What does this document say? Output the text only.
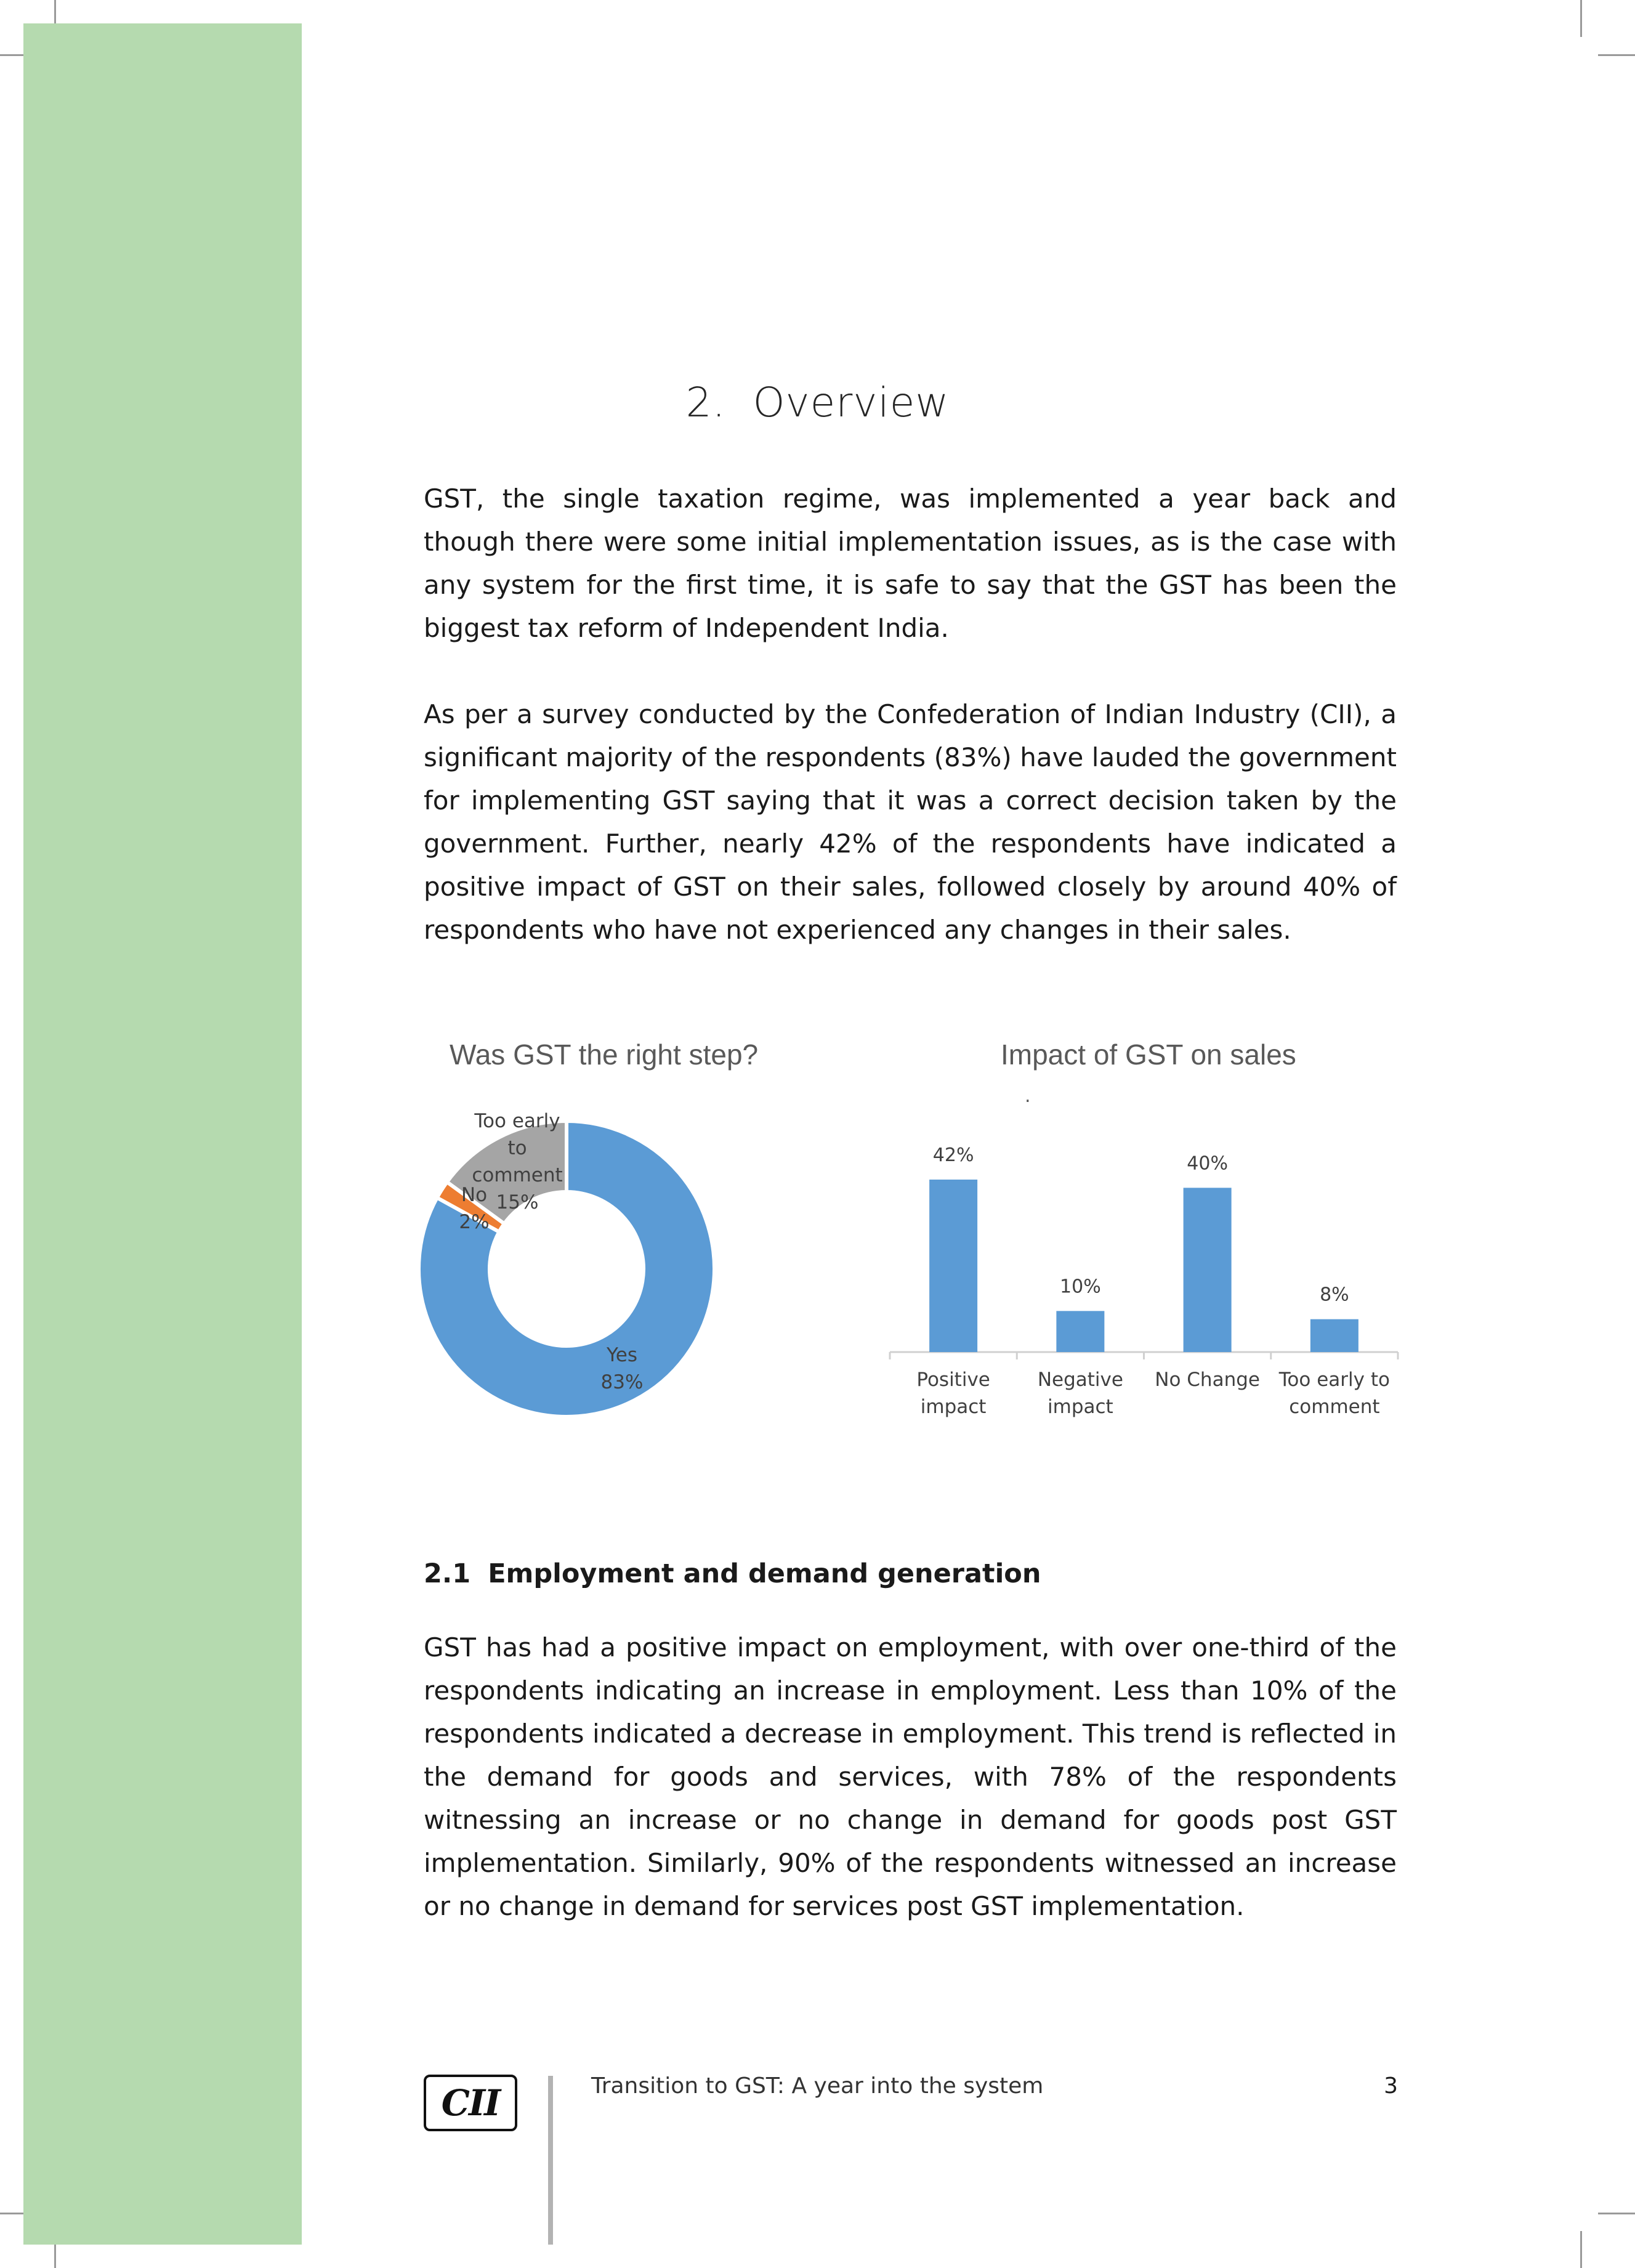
2. Overview
GST, the single taxation regime, was implemented a year back and though there were some initial implementation issues, as is the case with any system for the first time, it is safe to say that the GST has been the biggest tax reform of Independent India.
As per a survey conducted by the Confederation of Indian Industry (CII), a significant majority of the respondents (83%) have lauded the government for implementing GST saying that it was a correct decision taken by the government. Further, nearly 42% of the respondents have indicated a positive impact of GST on their sales, followed closely by around 40% of respondents who have not experienced any changes in their sales.
Was GST the right step?
Yes 83%
No 2%
Too early to comment 15%
Impact of GST on sales
.
42%
Positive impact
10%
Negative impact
40%
No Change
8%
Too early to comment
2.1 Employment and demand generation
GST has had a positive impact on employment, with over one-third of the respondents indicating an increase in employment. Less than 10% of the respondents indicated a decrease in employment. This trend is reflected in the demand for goods and services, with 78% of the respondents witnessing an increase or no change in demand for goods post GST implementation. Similarly, 90% of the respondents witnessed an increase or no change in demand for services post GST implementation.
CII	Transition to GST: A year into the system	3
